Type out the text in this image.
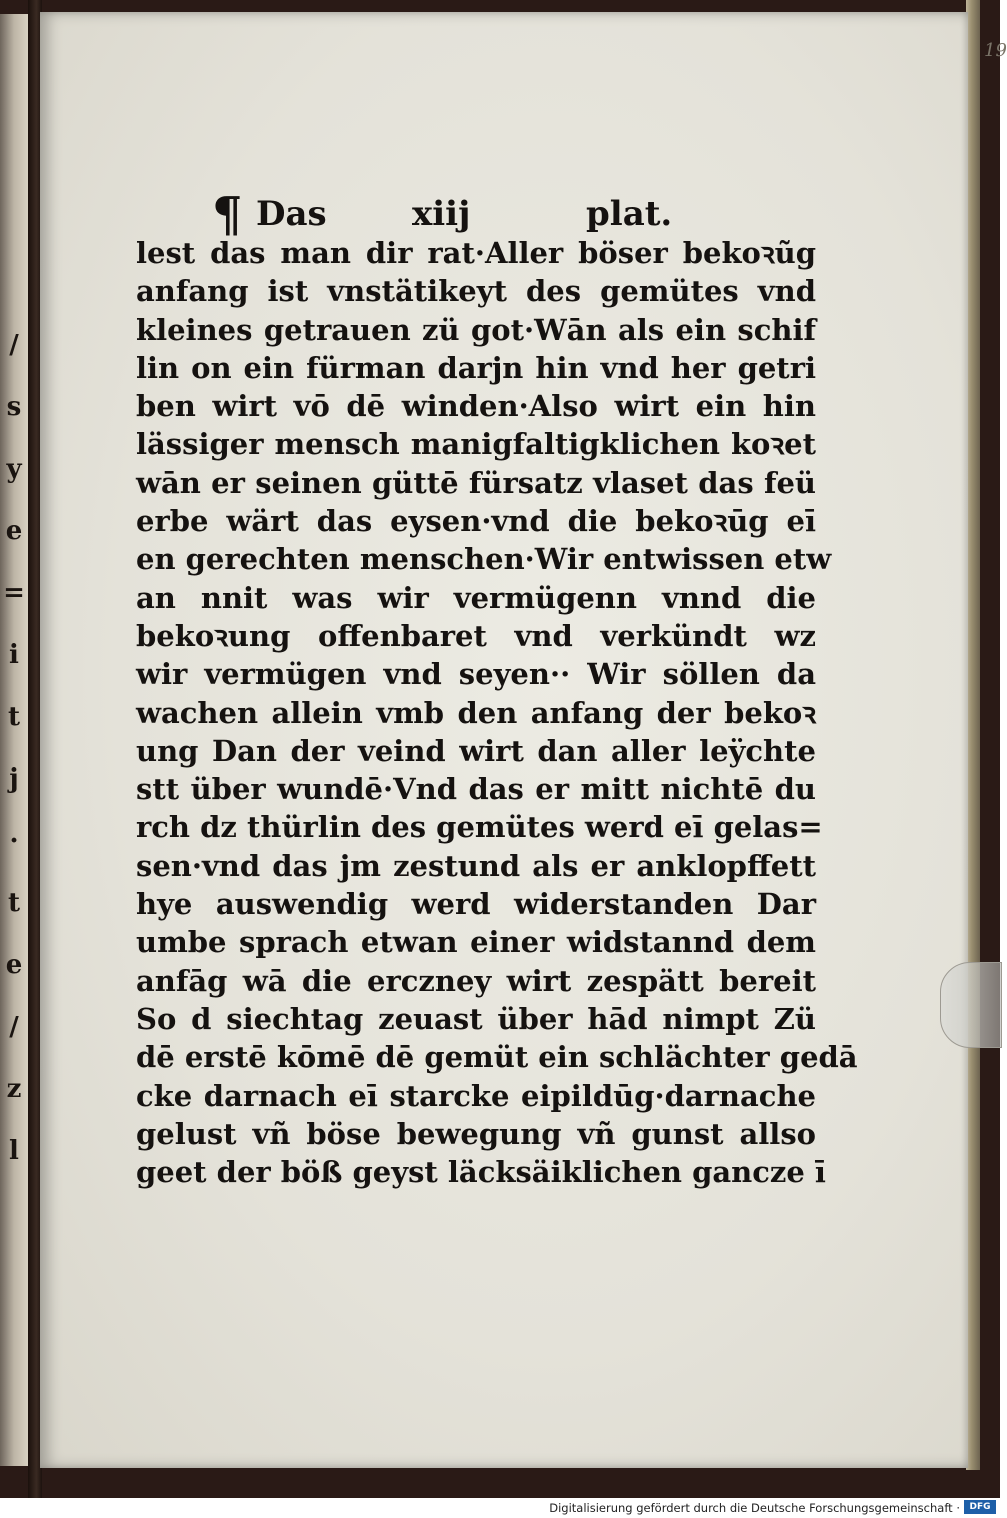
/
s
y
e
=
i
t
j
·
t
e
/
z
l
19
¶ Das	xiij	plat.
lest das man dir rat·Aller böser bekoꝛũg
anfang ist vnstätikeyt des gemütes vnd
kleines getrauen zü got·Wān als ein schif
lin on ein fürman darjn hin vnd her getri
ben wirt vō dē winden·Also wirt ein hin
lässiger mensch manigfaltigklichen koꝛet
wān er seinen güttē fürsatz vlaset das feü
erbe wärt das eysen·vnd die bekoꝛūg eī
en gerechten menschen·Wir entwissen etw
an nnit was wir vermügenn vnnd die
bekoꝛung offenbaret vnd verkündt wz
wir vermügen vnd seyen·· Wir söllen da
wachen allein vmb den anfang der bekoꝛ
ung Dan der veind wirt dan aller leÿchte
stt über wundē·Vnd das er mitt nichtē du
rch dz thürlin des gemütes werd eī gelas=
sen·vnd das jm zestund als er anklopffett
hye auswendig werd widerstanden Dar
umbe sprach etwan einer widstannd dem
anfāg wā die erczney wirt zespätt bereit
So d siechtag zeuast über hād nimpt Zü
dē erstē kōmē dē gemüt ein schlächter gedā
cke darnach eī starcke eipildūg·darnache
gelust vñ böse bewegung vñ gunst allso
geet der böß geyst läcksäiklichen gancze ī
Digitalisierung gefördert durch die Deutsche Forschungsgemeinschaft ·	DFG
